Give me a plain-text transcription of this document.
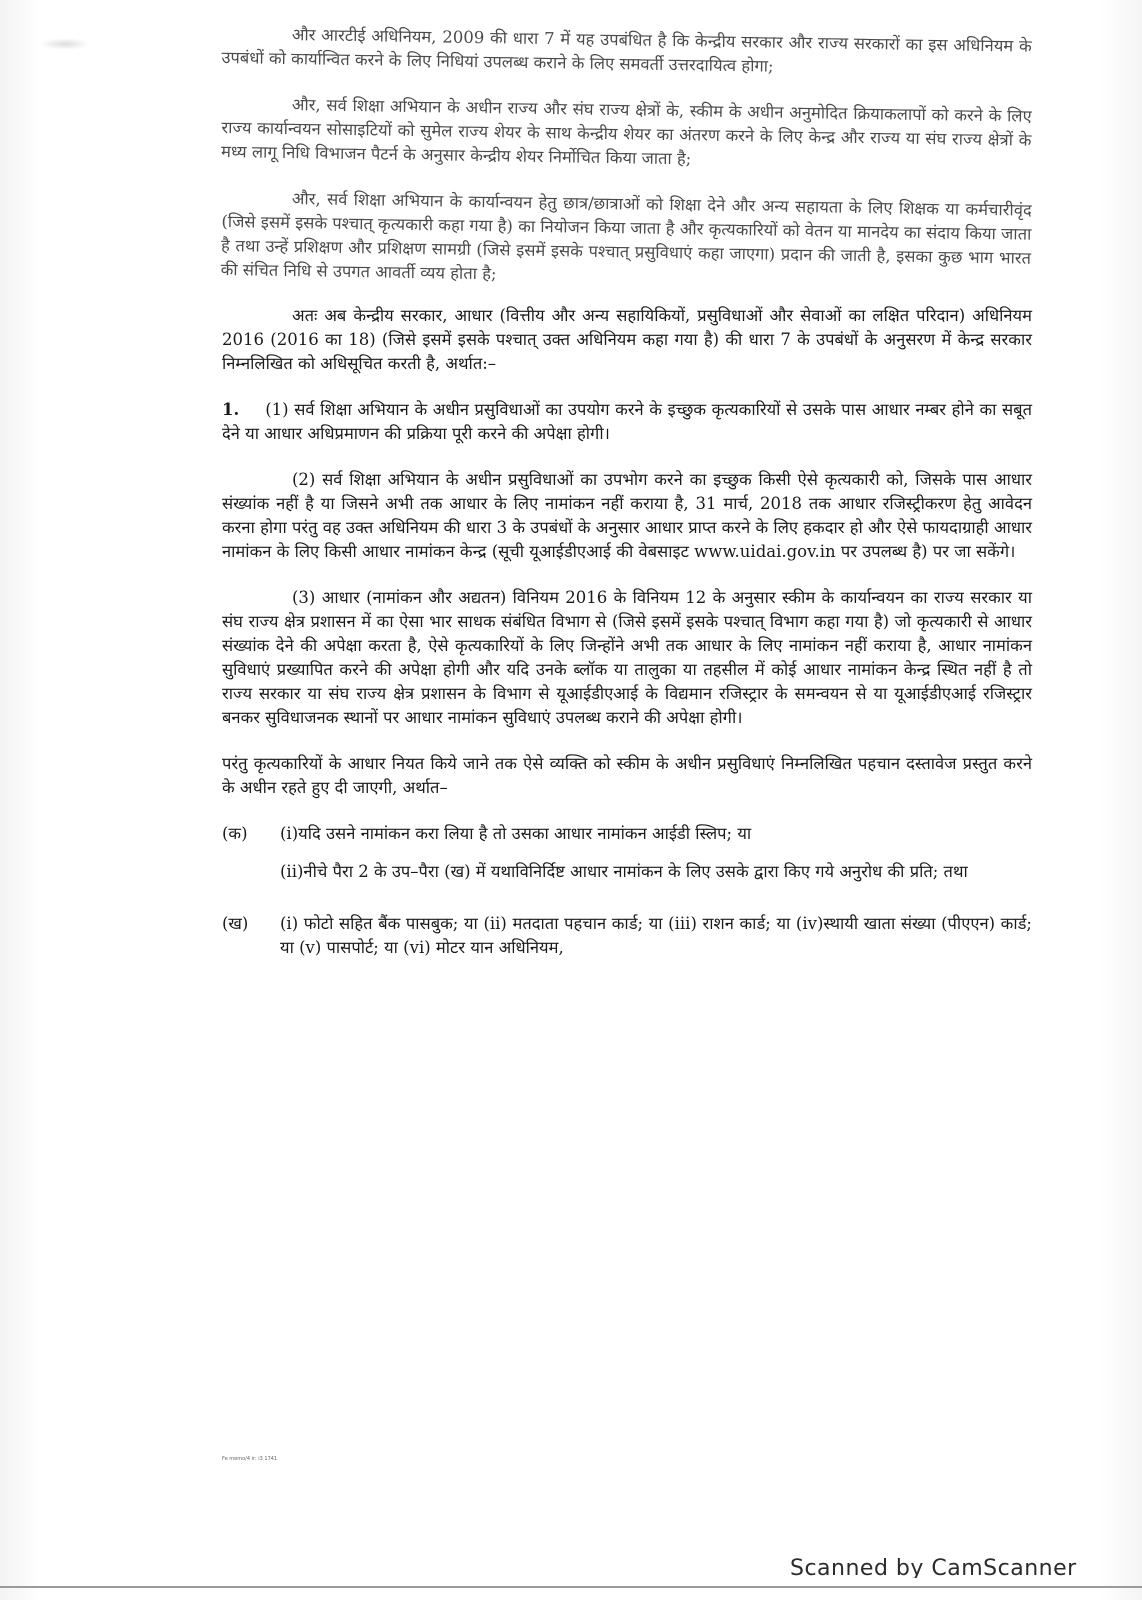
और आरटीई अधिनियम, 2009 की धारा 7 में यह उपबंधित है कि केन्द्रीय सरकार और राज्य सरकारों का इस अधिनियम के उपबंधों को कार्यान्वित करने के लिए निधियां उपलब्ध कराने के लिए समवर्ती उत्तरदायित्व होगा;

और, सर्व शिक्षा अभियान के अधीन राज्य और संघ राज्य क्षेत्रों के, स्कीम के अधीन अनुमोदित क्रियाकलापों को करने के लिए राज्य कार्यान्वयन सोसाइटियों को सुमेल राज्य शेयर के साथ केन्द्रीय शेयर का अंतरण करने के लिए केन्द्र और राज्य या संघ राज्य क्षेत्रों के मध्य लागू निधि विभाजन पैटर्न के अनुसार केन्द्रीय शेयर निर्मोचित किया जाता है;

और, सर्व शिक्षा अभियान के कार्यान्वयन हेतु छात्र/छात्राओं को शिक्षा देने और अन्य सहायता के लिए शिक्षक या कर्मचारीवृंद (जिसे इसमें इसके पश्चात् कृत्यकारी कहा गया है) का नियोजन किया जाता है और कृत्यकारियों को वेतन या मानदेय का संदाय किया जाता है तथा उन्हें प्रशिक्षण और प्रशिक्षण सामग्री (जिसे इसमें इसके पश्चात् प्रसुविधाएं कहा जाएगा) प्रदान की जाती है, इसका कुछ भाग भारत की संचित निधि से उपगत आवर्ती व्यय होता है;

अतः अब केन्द्रीय सरकार, आधार (वित्तीय और अन्य सहायिकियों, प्रसुविधाओं और सेवाओं का लक्षित परिदान) अधिनियम 2016 (2016 का 18) (जिसे इसमें इसके पश्चात् उक्त अधिनियम कहा गया है) की धारा 7 के उपबंधों के अनुसरण में केन्द्र सरकार निम्नलिखित को अधिसूचित करती है, अर्थात:–

1. (1) सर्व शिक्षा अभियान के अधीन प्रसुविधाओं का उपयोग करने के इच्छुक कृत्यकारियों से उसके पास आधार नम्बर होने का सबूत देने या आधार अधिप्रमाणन की प्रक्रिया पूरी करने की अपेक्षा होगी।

(2) सर्व शिक्षा अभियान के अधीन प्रसुविधाओं का उपभोग करने का इच्छुक किसी ऐसे कृत्यकारी को, जिसके पास आधार संख्यांक नहीं है या जिसने अभी तक आधार के लिए नामांकन नहीं कराया है, 31 मार्च, 2018 तक आधार रजिस्ट्रीकरण हेतु आवेदन करना होगा परंतु वह उक्त अधिनियम की धारा 3 के उपबंधों के अनुसार आधार प्राप्त करने के लिए हकदार हो और ऐसे फायदाग्राही आधार नामांकन के लिए किसी आधार नामांकन केन्द्र (सूची यूआईडीएआई की वेबसाइट www.uidai.gov.in पर उपलब्ध है) पर जा सकेंगे।

(3) आधार (नामांकन और अद्यतन) विनियम 2016 के विनियम 12 के अनुसार स्कीम के कार्यान्वयन का राज्य सरकार या संघ राज्य क्षेत्र प्रशासन में का ऐसा भार साधक संबंधित विभाग से (जिसे इसमें इसके पश्चात् विभाग कहा गया है) जो कृत्यकारी से आधार संख्यांक देने की अपेक्षा करता है, ऐसे कृत्यकारियों के लिए जिन्होंने अभी तक आधार के लिए नामांकन नहीं कराया है, आधार नामांकन सुविधाएं प्रख्यापित करने की अपेक्षा होगी और यदि उनके ब्लॉक या तालुका या तहसील में कोई आधार नामांकन केन्द्र स्थित नहीं है तो राज्य सरकार या संघ राज्य क्षेत्र प्रशासन के विभाग से यूआईडीएआई के विद्यमान रजिस्ट्रार के समन्वयन से या यूआईडीएआई रजिस्ट्रार बनकर सुविधाजनक स्थानों पर आधार नामांकन सुविधाएं उपलब्ध कराने की अपेक्षा होगी।

परंतु कृत्यकारियों के आधार नियत किये जाने तक ऐसे व्यक्ति को स्कीम के अधीन प्रसुविधाएं निम्नलिखित पहचान दस्तावेज प्रस्तुत करने के अधीन रहते हुए दी जाएगी, अर्थात–

(क)	(i)यदि उसने नामांकन करा लिया है तो उसका आधार नामांकन आईडी स्लिप; या

(ii)नीचे पैरा 2 के उप–पैरा (ख) में यथाविनिर्दिष्ट आधार नामांकन के लिए उसके द्वारा किए गये अनुरोध की प्रति; तथा

(ख)	(i) फोटो सहित बैंक पासबुक; या (ii) मतदाता पहचान कार्ड; या (iii) राशन कार्ड; या (iv)स्थायी खाता संख्या (पीएएन) कार्ड; या (v) पासपोर्ट; या (vi) मोटर यान अधिनियम,

Fe memo/4 ir: i3 1741
Scanned by CamScanner
